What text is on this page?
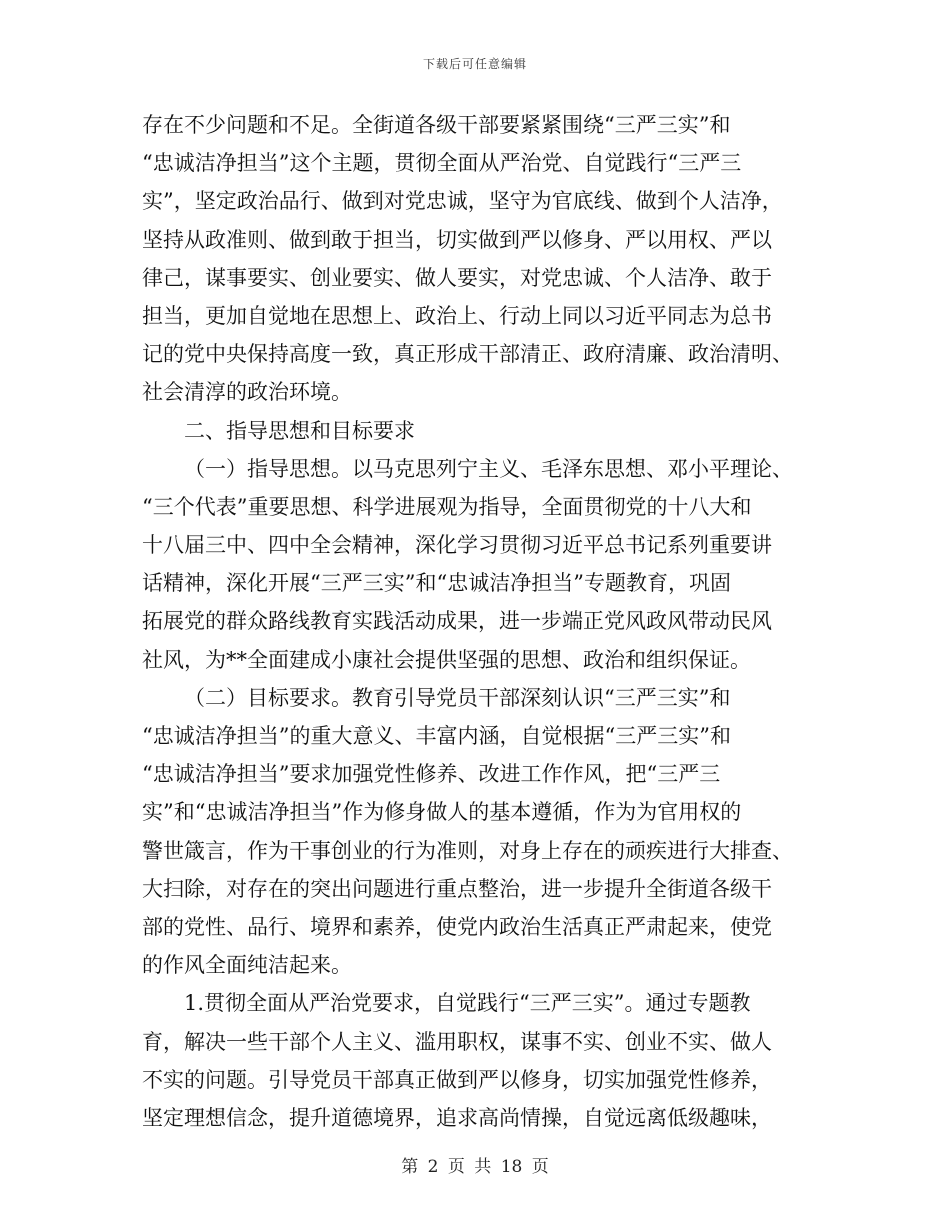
下载后可任意编辑
存在不少问题和不足。全街道各级干部要紧紧围绕“三严三实”和
“忠诚洁净担当”这个主题，贯彻全面从严治党、自觉践行“三严三
实”，坚定政治品行、做到对党忠诚，坚守为官底线、做到个人洁净，
坚持从政准则、做到敢于担当，切实做到严以修身、严以用权、严以
律己，谋事要实、创业要实、做人要实，对党忠诚、个人洁净、敢于
担当，更加自觉地在思想上、政治上、行动上同以习近平同志为总书
记的党中央保持高度一致，真正形成干部清正、政府清廉、政治清明、
社会清淳的政治环境。
二、指导思想和目标要求
（一）指导思想。以马克思列宁主义、毛泽东思想、邓小平理论、
“三个代表”重要思想、科学进展观为指导，全面贯彻党的十八大和
十八届三中、四中全会精神，深化学习贯彻习近平总书记系列重要讲
话精神，深化开展“三严三实”和“忠诚洁净担当”专题教育，巩固
拓展党的群众路线教育实践活动成果，进一步端正党风政风带动民风
社风，为**全面建成小康社会提供坚强的思想、政治和组织保证。
（二）目标要求。教育引导党员干部深刻认识“三严三实”和
“忠诚洁净担当”的重大意义、丰富内涵，自觉根据“三严三实”和
“忠诚洁净担当”要求加强党性修养、改进工作作风，把“三严三
实”和“忠诚洁净担当”作为修身做人的基本遵循，作为为官用权的
警世箴言，作为干事创业的行为准则，对身上存在的顽疾进行大排查、
大扫除，对存在的突出问题进行重点整治，进一步提升全街道各级干
部的党性、品行、境界和素养，使党内政治生活真正严肃起来，使党
的作风全面纯洁起来。
1.贯彻全面从严治党要求，自觉践行“三严三实”。通过专题教
育，解决一些干部个人主义、滥用职权，谋事不实、创业不实、做人
不实的问题。引导党员干部真正做到严以修身，切实加强党性修养，
坚定理想信念，提升道德境界，追求高尚情操，自觉远离低级趣味，
第 2 页 共 18 页
